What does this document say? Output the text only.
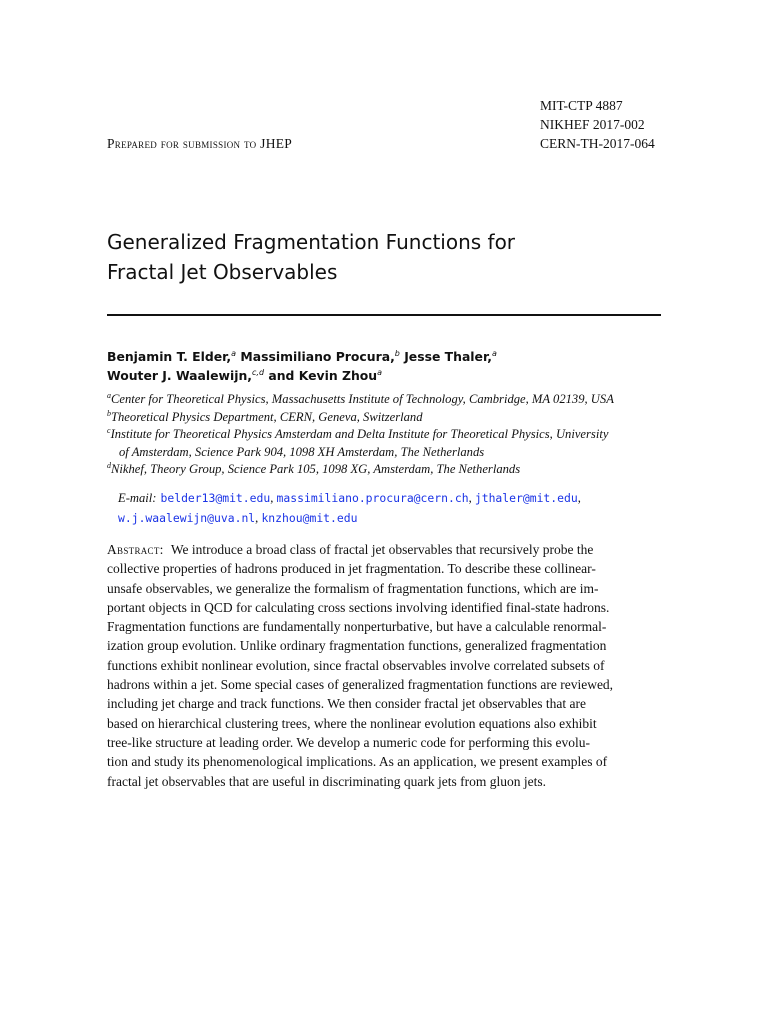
Prepared for submission to JHEP
MIT-CTP 4887
NIKHEF 2017-002
CERN-TH-2017-064
Generalized Fragmentation Functions for
Fractal Jet Observables
Benjamin T. Elder,$^a$ Massimiliano Procura,$^b$ Jesse Thaler,$^a$
Wouter J. Waalewijn,$^{c,d}$ and Kevin Zhou$^a$
$^a$Center for Theoretical Physics, Massachusetts Institute of Technology, Cambridge, MA 02139, USA
$^b$Theoretical Physics Department, CERN, Geneva, Switzerland
$^c$Institute for Theoretical Physics Amsterdam and Delta Institute for Theoretical Physics, University
of Amsterdam, Science Park 904, 1098 XH Amsterdam, The Netherlands
$^d$Nikhef, Theory Group, Science Park 105, 1098 XG, Amsterdam, The Netherlands
E-mail: belder13@mit.edu, massimiliano.procura@cern.ch, jthaler@mit.edu,
w.j.waalewijn@uva.nl, knzhou@mit.edu
Abstract: We introduce a broad class of fractal jet observables that recursively probe the
collective properties of hadrons produced in jet fragmentation. To describe these collinear-
unsafe observables, we generalize the formalism of fragmentation functions, which are im-
portant objects in QCD for calculating cross sections involving identified final-state hadrons.
Fragmentation functions are fundamentally nonperturbative, but have a calculable renormal-
ization group evolution. Unlike ordinary fragmentation functions, generalized fragmentation
functions exhibit nonlinear evolution, since fractal observables involve correlated subsets of
hadrons within a jet. Some special cases of generalized fragmentation functions are reviewed,
including jet charge and track functions. We then consider fractal jet observables that are
based on hierarchical clustering trees, where the nonlinear evolution equations also exhibit
tree-like structure at leading order. We develop a numeric code for performing this evolu-
tion and study its phenomenological implications. As an application, we present examples of
fractal jet observables that are useful in discriminating quark jets from gluon jets.
